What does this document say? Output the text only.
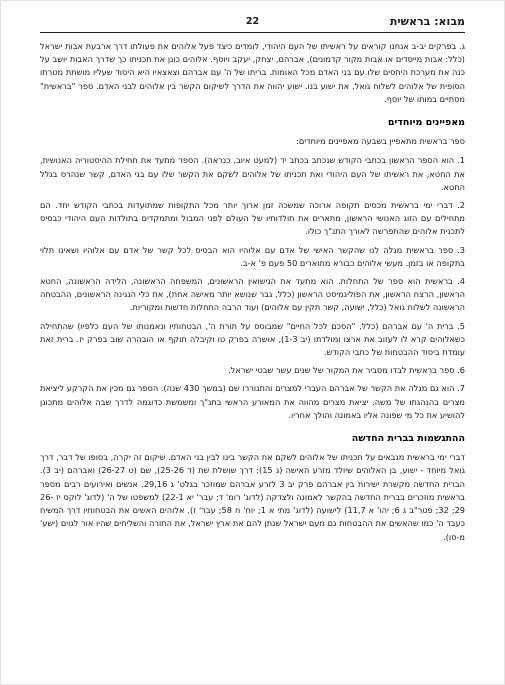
מבוא: בראשית
22

ג. בפרקים יב-ב אנחנו קוראים על ראשיתו של העם היהודי, לומדים כיצד פעל אלוהים את פעולתו דרך ארבעת אבות ישראל (כלל: אבות מייסדים או אבות מקור קדמונים), אברהם, יצחק, יעקב ויוסף. אלוהים כונן את תכניתו כך שדרך האבות יושב על כנה את מערכת היחסים שלו עם בני האדם מכל האומות. בריתו של ה' עם אברהם וצאצאיו היא היסוד שעליו מושתת מטרתו הסופית של אלוהים לשלוח גואל, את ישוע בנו. ישוע יהווה את הדרך לשיקום הקשר בין אלוהים לבני האדם. ספר "בראשית" מסתיים במותו של יוסף.

מאפיינים מיוחדים

ספר בראשית מתאפיין בשבעה מאפיינים מיוחדים:

1. הוא הספר הראשון בכתבי הקודש שנכתב בכתב יד (למעט איוב, כנראה). הספר מתעד את תחילת ההיסטוריה האנושית, את החטא, את ראשיתו של העם היהודי ואת תכניתו של אלוהים לשקם את הקשר שלו עם בני האדם, קשר שנהרס בגלל החטא.

2. דברי ימי בראשית מכסים תקופה ארוכה שמשכה זמן ארוך יותר מכל התקופות שמתועדות בכתבי הקודש יחד. הם מתחילים עם הזוג האנושי הראשון, מתארים את תולדותיו של העולם לפני המבול ומתמקדים בתולדות העם היהודי כבסיס לתכנית אלוהים שהתפרשה לאורך התנ"ך כולו.

3. ספר בראשית מגלה לנו שהקשר האישי של אדם עם אלוהיו הוא הבסיס לכל קשר של אדם עם אלוהיו ושאינו תלוי בתקופה או בזמן. מעשי אלוהים כבורא מתוארים 50 פעם פ' א-ב.

4. בראשית הוא ספר של התחלות. הוא מתעד את הנישואין הראשונים, המשפחה הראשונה, הלידה הראשונה, החטא הראשון, הרצח הראשון, את הפוליגמיסט הראשון (כלל, גבר שנושא יותר מאישה אחת), את כלי הנגינה הראשונים, ההבטחה הראשונה לשלוח גואל (כלל, ישועה, קשר תקין עם אלוהים) ועוד הרבה התחלות חדשות ומקוריות.

5. ברית ה' עם אברהם (כלל, "הסכם לכל החיים" שמבוסס על תורת ה', הבטחותיו ונאמנותו של העם כלפיו) שהתחילה כשאלוהים קרא לו לעזוב את ארצו ומולדתו (יב 1-3), אושרה בפרק טו וקיבלה תוקף או הובהרה שוב בפרק יז. ברית זאת עומדת ביסוד ההבטחות של כתבי הקודש.

6. ספר בראשית לבדו מסביר את המקור של שנים עשר שבטי ישראל.

7. הוא גם מגלה את הקשר של אברהם העברי למצרים והתגוררו שם (במשך 430 שנה). הספר גם מכין את הקרקע ליציאת מצרים בהנהגתו של משה. יציאת מצרים מהווה את המאורע הראשי בתנ"ך ומשמשת כדוגמה לדרך שבה אלוהים מתכונן להושיע את כל מי שפונה אליו באמונה והולך אחריו.

ההתגשמות בברית החדשה

דברי ימי בראשית מגבאים על תכניתו של אלוהים לשקם את הקשר בינו לבין בני האדם. שיקום זה יקרה, בסופו של דבר, דרך גואל מיוחד - ישוע, בן האלוהים שיולד מזרע האישה (ג 15); דרך שושלת שת (ד 25-26), שם (ט 26-27) ואברהם (יב 3). הברית החדשה מקשרת ישירות בין אברהם פרק יב 3 לזרע אברהם שמוזכר בגלט' ג 29,16. אנשים ואירועים רבים מספר בראשית מוזכרים בברית החדשה בהקשר לאמונה ולצדקה (לדוג' רומ' ד; עבר' יא 22-1) למשפטו של ה' (לדוג' לוקס יז 26-29; 32; פטר"ב ג 6; יהו' א 11,7) לישועה (לדוג' מתי א 1; יוח' ח 58; עבר' ז). אלוהים האשים את הבטחותיו דרך המשיח כעבד ה' כמו שהאשים את ההבטחות גם מעם ישראל שנתן להם את ארץ ישראל, את התורה והשליחים שהיו אור לגוים (ישע' מ-סו).
